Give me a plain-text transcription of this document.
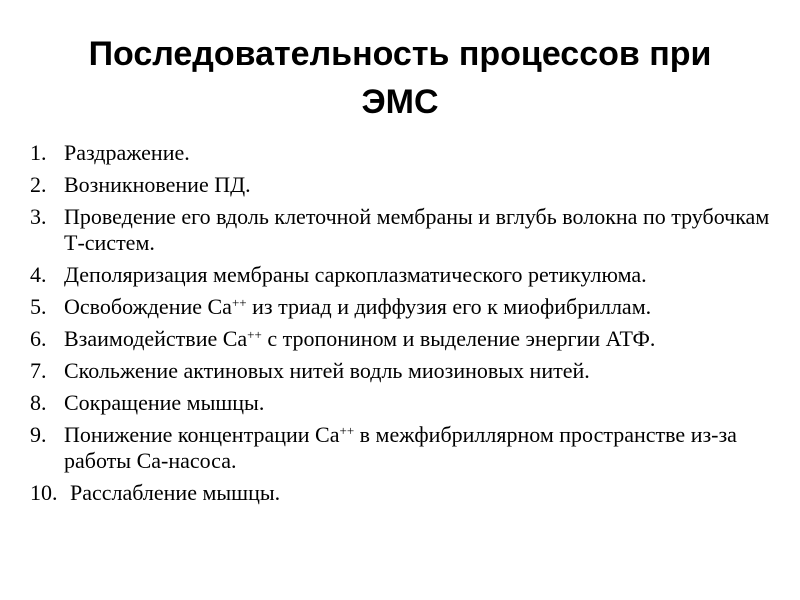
Последовательность процессов при
ЭМС
1. Раздражение.
2. Возникновение ПД.
3. Проведение его вдоль клеточной мембраны и вглубь волокна по трубочкам Т-систем.
4. Деполяризация мембраны саркоплазматического ретикулюма.
5. Освобождение Са++ из триад и диффузия его к миофибриллам.
6. Взаимодействие Са++ с тропонином и выделение энергии АТФ.
7. Скольжение актиновых нитей водль миозиновых нитей.
8. Сокращение мышцы.
9. Понижение концентрации Са++ в межфибриллярном пространстве из-за работы Са-насоса.
10. Расслабление мышцы.
